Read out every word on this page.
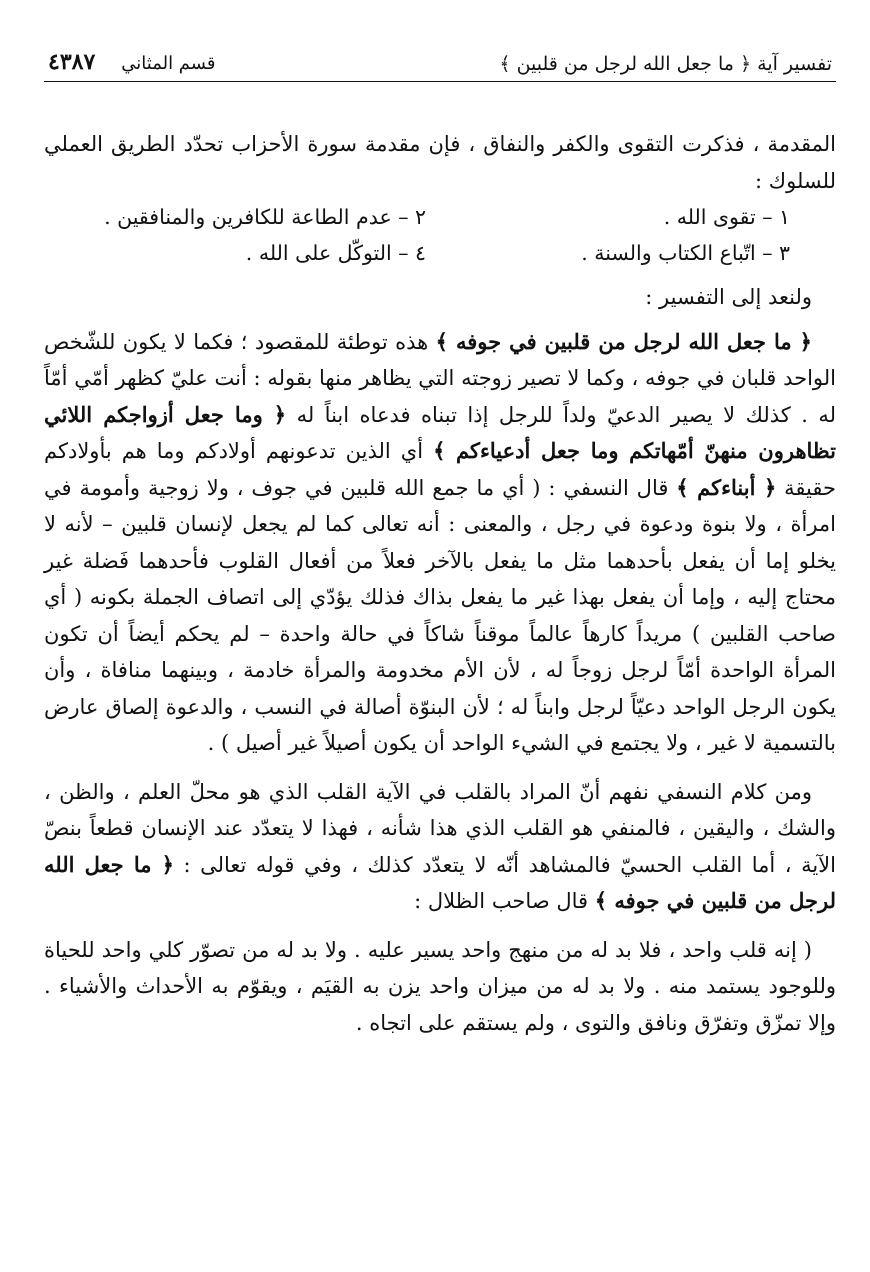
تفسير آية ﴿ ما جعل الله لرجل من قلبين ﴾
قسم المثاني
٤٣٨٧

المقدمة ، فذكرت التقوى والكفر والنفاق ، فإن مقدمة سورة الأحزاب تحدّد الطريق العملي للسلوك :

١ – تقوى الله .
٢ – عدم الطاعة للكافرين والمنافقين .
٣ – اتّباع الكتاب والسنة .
٤ – التوكّل على الله .

ولنعد إلى التفسير :

﴿ ما جعل الله لرجل من قلبين في جوفه ﴾ هذه توطئة للمقصود ؛ فكما لا يكون للشّخص الواحد قلبان في جوفه ، وكما لا تصير زوجته التي يظاهر منها بقوله : أنت عليّ كظهر أمّي أمّاً له . كذلك لا يصير الدعيّ ولداً للرجل إذا تبناه فدعاه ابناً له ﴿ وما جعل أزواجكم اللائي تظاهرون منهنّ أمّهاتكم وما جعل أدعياءكم ﴾ أي الذين تدعونهم أولادكم وما هم بأولادكم حقيقة ﴿ أبناءكم ﴾ قال النسفي : ( أي ما جمع الله قلبين في جوف ، ولا زوجية وأمومة في امرأة ، ولا بنوة ودعوة في رجل ، والمعنى : أنه تعالى كما لم يجعل لإنسان قلبين – لأنه لا يخلو إما أن يفعل بأحدهما مثل ما يفعل بالآخر فعلاً من أفعال القلوب فأحدهما فَضلة غير محتاج إليه ، وإما أن يفعل بهذا غير ما يفعل بذاك فذلك يؤدّي إلى اتصاف الجملة بكونه ( أي صاحب القلبين ) مريداً كارهاً عالماً موقناً شاكاً في حالة واحدة – لم يحكم أيضاً أن تكون المرأة الواحدة أمّاً لرجل زوجاً له ، لأن الأم مخدومة والمرأة خادمة ، وبينهما منافاة ، وأن يكون الرجل الواحد دعيّاً لرجل وابناً له ؛ لأن البنوّة أصالة في النسب ، والدعوة إلصاق عارض بالتسمية لا غير ، ولا يجتمع في الشيء الواحد أن يكون أصيلاً غير أصيل ) .

ومن كلام النسفي نفهم أنّ المراد بالقلب في الآية القلب الذي هو محلّ العلم ، والظن ، والشك ، واليقين ، فالمنفي هو القلب الذي هذا شأنه ، فهذا لا يتعدّد عند الإنسان قطعاً بنصّ الآية ، أما القلب الحسيّ فالمشاهد أنّه لا يتعدّد كذلك ، وفي قوله تعالى : ﴿ ما جعل الله لرجل من قلبين في جوفه ﴾ قال صاحب الظلال :

( إنه قلب واحد ، فلا بد له من منهج واحد يسير عليه . ولا بد له من تصوّر كلي واحد للحياة وللوجود يستمد منه . ولا بد له من ميزان واحد يزن به القيَم ، ويقوّم به الأحداث والأشياء . وإلا تمزّق وتفرّق ونافق والتوى ، ولم يستقم على اتجاه .
